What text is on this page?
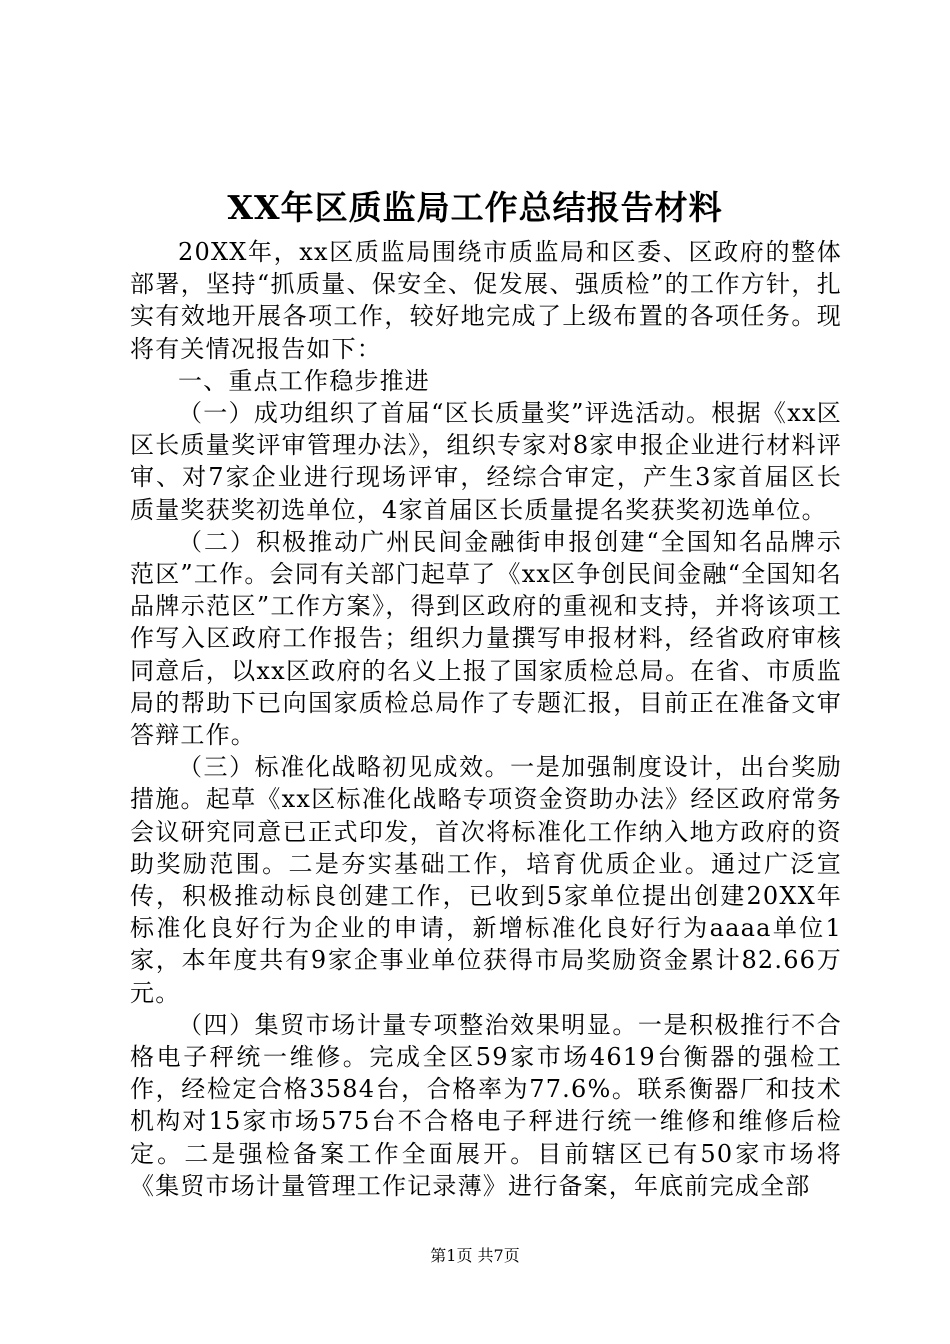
XX年区质监局工作总结报告材料

20XX年，xx区质监局围绕市质监局和区委、区政府的整体部署，坚持“抓质量、保安全、促发展、强质检”的工作方针，扎实有效地开展各项工作，较好地完成了上级布置的各项任务。现将有关情况报告如下：

一、重点工作稳步推进

（一）成功组织了首届“区长质量奖”评选活动。根据《xx区区长质量奖评审管理办法》，组织专家对8家申报企业进行材料评审、对7家企业进行现场评审，经综合审定，产生3家首届区长质量奖获奖初选单位，4家首届区长质量提名奖获奖初选单位。

（二）积极推动广州民间金融街申报创建“全国知名品牌示范区”工作。会同有关部门起草了《xx区争创民间金融“全国知名品牌示范区”工作方案》，得到区政府的重视和支持，并将该项工作写入区政府工作报告；组织力量撰写申报材料，经省政府审核同意后，以xx区政府的名义上报了国家质检总局。在省、市质监局的帮助下已向国家质检总局作了专题汇报，目前正在准备文审答辩工作。

（三）标准化战略初见成效。一是加强制度设计，出台奖励措施。起草《xx区标准化战略专项资金资助办法》经区政府常务会议研究同意已正式印发，首次将标准化工作纳入地方政府的资助奖励范围。二是夯实基础工作，培育优质企业。通过广泛宣传，积极推动标良创建工作，已收到5家单位提出创建20XX年标准化良好行为企业的申请，新增标准化良好行为aaaa单位1家，本年度共有9家企事业单位获得市局奖励资金累计82.66万元。

（四）集贸市场计量专项整治效果明显。一是积极推行不合格电子秤统一维修。完成全区59家市场4619台衡器的强检工作，经检定合格3584台，合格率为77.6%。联系衡器厂和技术机构对15家市场575台不合格电子秤进行统一维修和维修后检定。二是强检备案工作全面展开。目前辖区已有50家市场将《集贸市场计量管理工作记录薄》进行备案，年底前完成全部

第1页 共7页
